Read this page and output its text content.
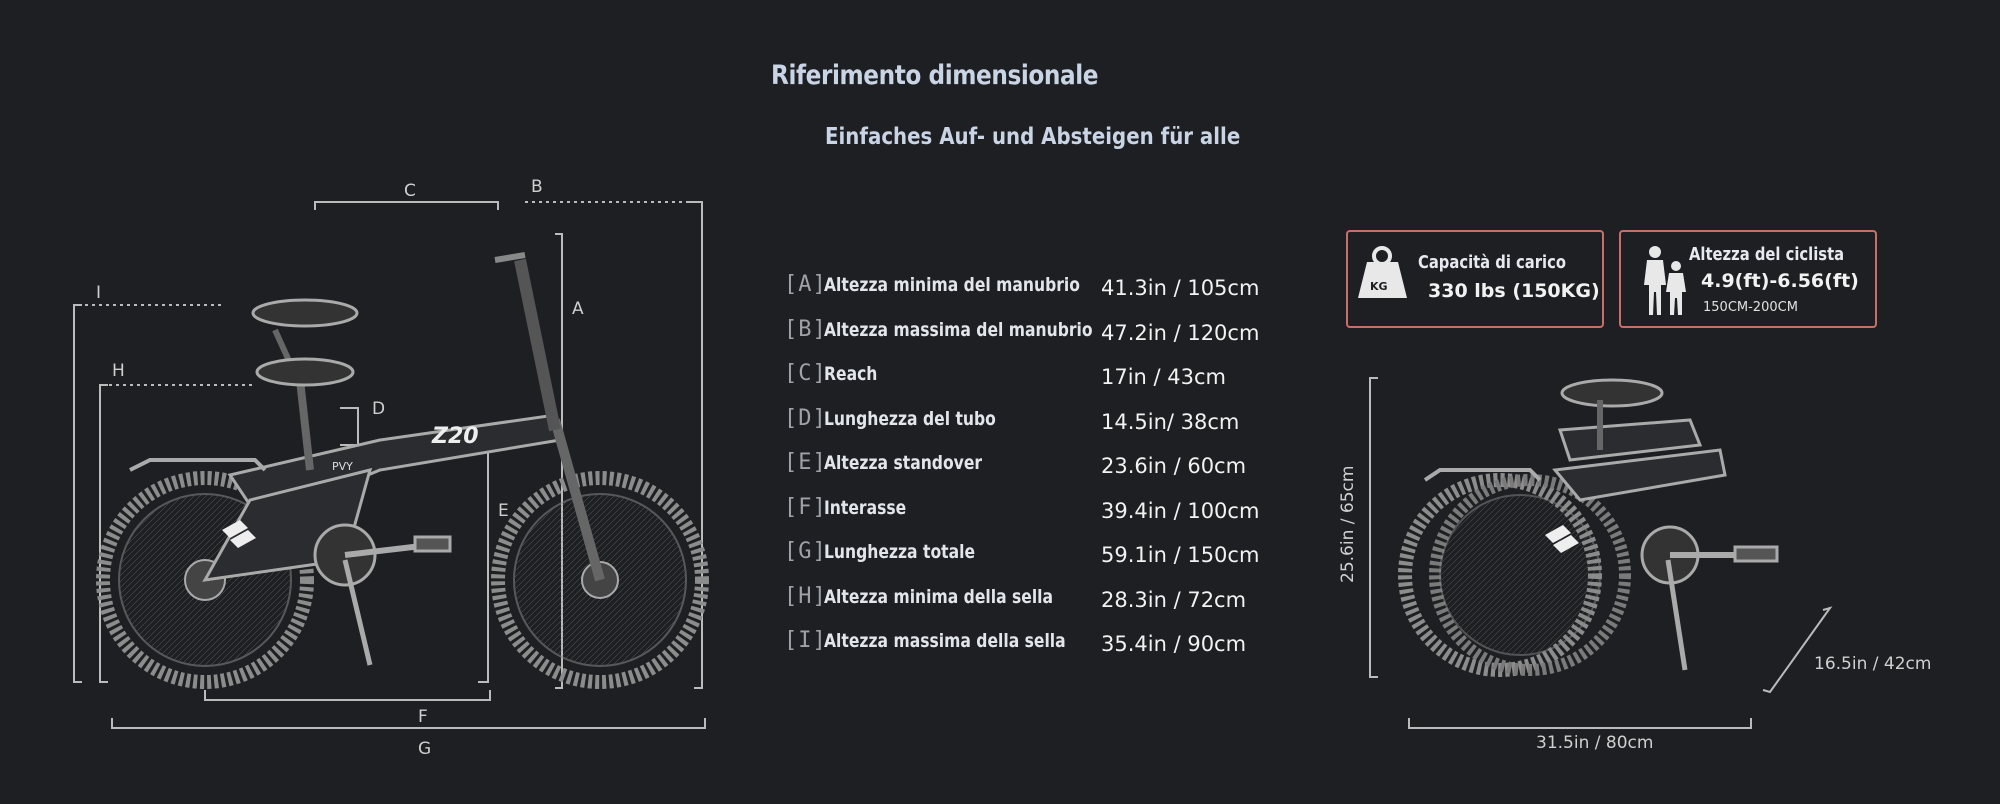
Riferimento dimensionale
Einfaches Auf- und Absteigen für alle
Z20
PVY
C	B
A
I
H
D
E
F
G
KG
[A]
Altezza minima del manubrio 41.3in / 105cm
[B]
Altezza massima del manubrio 47.2in / 120cm
[C]
Reach	17in / 43cm
[D]
Lunghezza del tubo	14.5in/ 38cm
[E]
Altezza standover	23.6in / 60cm
[F]
Interasse	39.4in / 100cm
[G]
Lunghezza totale	59.1in / 150cm
[H]
Altezza minima della sella 28.3in / 72cm
[I]
Altezza massima della sella 35.4in / 90cm
Capacità di carico
330 lbs (150KG)
Altezza del ciclista
4.9(ft)-6.56(ft)
150CM-200CM
25.6in / 65cm
16.5in / 42cm
31.5in / 80cm
